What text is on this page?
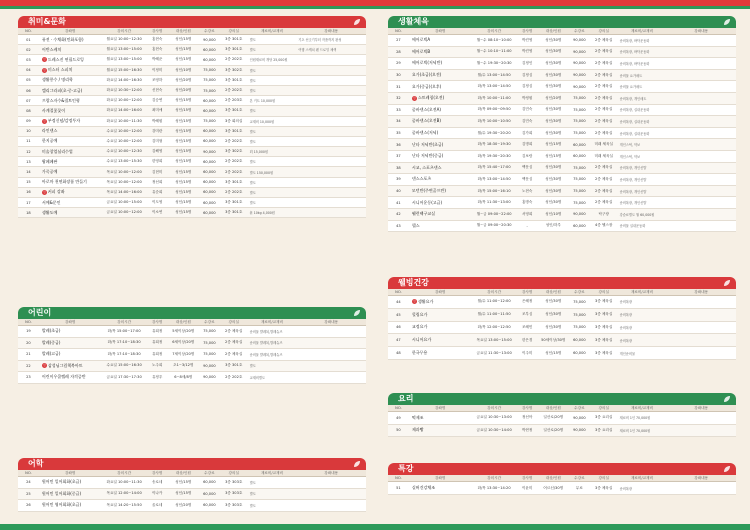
취미&문화
NO.	강좌명	강의시간	강사명	대상/인원	수강료	강의실	재료비/교재비	강좌내용
01	퓨전 · 수채화(민화포함)	월요일 10:00~12:30	홍현숙	성인/15명	90,000	3층 301호	별도	기초 선긋기부터 작품까지 완성
02	어반스케치	월요일 13:00~15:00	홍현숙	성인/15명	60,000	3층 301호	별도	여행 스케치 펜 드로잉 채색
03	신 드레스진 연필드로잉	월요일 13:00~15:00	박혜준	성인/15명	60,000	2층 202호	인원재료비 개당 25,000원	
04	신 미스터 스피치	월요일 15:00~16:30	이정미	성인/10명	75,000	3층 302호	별도	
05	생활풍수 / 명리학	화요일 14:00~16:30	조영하	성인/20명	75,000	3층 301호	별도	
06	캘리그라피(초·중·고급)	화요일 10:30~12:00	신현숙	성인/20명	75,000	2층 202호	별도	
07	프랑스자수&퀼트인형	화요일 10:00~12:00	김승연	성인/15명	60,000	2층 203호	본 키트 10,000원	
08	사계절꽃꽂이	화요일 14:00~16:00	최미애	성인/15명	60,000	3층 301호	별도	
09	신 부정신념/감정투자	화요일 10:00~11:30	박혜원	성인/15명	75,000	3층 회의실	교재비 10,000원	
10	라인댄스	수요일 10:00~12:00	강미란	성인/15명	60,000	3층 301호	별도	
11	한지공예	수요일 10:00~12:00	김미형	성인/15명	60,000	2층 202호	별도	
12	미술창업심리수업	수요일 10:00~12:30	김해영	성인/15명	90,000	3층 302호	회 15,000원	
13	왕페페판	수요일 13:00~15:30	한영희	성인/15명	60,000	2층 202호	별도	
14	가죽공예	목요일 10:00~12:00	김현미	성인/15명	60,000	2층 202호	별도 150,000원	
15	아로마 천연화장품 만들기	목요일 10:00~12:00	정선희	성인/15명	60,000	3층 301호	별도	
16	신 커피 강좌	목요일 14:00~16:00	유순희	성인/15명	60,000	2층 202호	별도	
17	서예&문인	금요일 10:00~15:00	이도영	성인/15명	60,000	3층 301호	별도	
18	생활도예	금요일 10:00~12:00	이소연	성인/15명	60,000	3층 301호	흙 10kg 4,000원	
어린이
NO.	강좌명	강의시간	강사명	대상/인원	수강료	강의실	재료비/교재비	강좌내용
19	발레(초급)	화/목 15:00~17:00	유희정	5세이상/20명	75,000	2층 체육실	준비물 발레복,발레슈즈	
20	발레(중급)	화/목 17:10~18:30	유희정	6세이상/20명	75,000	2층 체육실	준비물 발레복,발레슈즈	
21	발레(고급)	화/목 17:10~18:30	유희정	7세이상/20명	75,000	2층 체육실	준비물 발레복,발레슈즈	
22	신 삼성님그림책북아트	수요일 15:00~16:30	노주희	초1~3/12명	90,000	3층 301호	별도	
23	어린이우쿨렐레 자격증반	금요일 17:30~17:30	유정우	6~8세/8명	90,000	2층 202호	교재비별도	
어학
NO.	강좌명	강의시간	강사명	대상/인원	수강료	강의실	재료비/교재비	강좌내용
24	원어민 일어회화(초급)	화요일 10:00~11:30	송로네	성인/15명	60,000	3층 303호	별도	
25	원어민 일어회화(중급)	목요일 12:00~14:00	이나카	성인/15명	60,000	3층 303호	별도	
26	원어민 영어회화(초급)	목요일 14:20~15:50	올로네	성인/20명	60,000	3층 303호	별도	
생활체육
NO.	강좌명	강의시간	강사명	대상/인원	수강료	강의실	재료비/교재비	강좌내용
27	에어로빅A	월~수 08:10~10:00	박진영	성인/30명	90,000	2층 체육실	준비복장, 바닥운동화	
28	에어로빅B	월~수 10:10~11:00	박진영	성인/30명	90,000	2층 체육실	준비복장, 바닥운동화	
29	에어로빅(저녁반)	월~수 19:30~20:30	김정인	성인/30명	90,000	2층 체육실	준비복장, 바닥운동화	
30	요가(초급)(오전)	월/수 13:00~14:50	김정심	성인/30명	90,000	2층 체육실	준비물 요가매트	
31	요가(중급)(오후)	화/목 13:00~14:50	김정심	성인/30명	90,000	2층 체육실	준비물 요가매트	
32	신 스트레칭(오전)	화/목 10:00~11:00	박정원	성인/20명	75,000	2층 체육실	준비복장, 개인매트	
33	줌바댄스(오전A)	화/목 09:00~09:50	김민숙	성인/30명	75,000	2층 체육실	준비복장, 실내운동화	
34	줌바댄스(오전B)	화/목 10:00~10:50	김민숙	성인/30명	75,000	2층 체육실	준비복장, 실내운동화	
35	줌바댄스(저녁)	월/수 19:30~20:20	김가희	성인/30명	75,000	2층 체육실	준비복장, 실내운동화	
36	난타 저녁반(초급)	화/목 18:30~19:30	김명희	성인/15명	60,000	미래 체육실	개인스틱, 악보	
37	난타 저녁반(중급)	화/목 19:30~20:30	김보람	성인/15명	60,000	미래 체육실	개인스틱, 악보	
38	시교, 스포츠댄스	화/목 15:40~17:00	백문심	성인/30명	75,000	2층 체육실	준비복장, 개인신발	
39	댄스스포츠	화/목 13:00~14:50	백문심	성인/30명	75,000	2층 체육실	준비복장, 개인신발	
40	모던반(주변골프반)	화/목 15:00~16:10	노현숙	성인/30명	75,000	2층 체육실	준비복장, 개인신발	
41	시니어운동(고급)	화/목 11:30~13:00	홍명숙	성인/30명	75,000	2층 체육실	준비복장, 개인신발	
42	웰런팩구교실	월~금 09:00~22:00	서영희	성인/10명	90,000	탁구장	강습료별도 월 60,000원	
43	헬스	월~금 09:00~20:30	-	성인/하루	60,000	4층 헬스장	준비물 실내운동화	
웰빙건강
NO.	강좌명	강의시간	강사명	대상/인원	수강료	강의실	재료비/교재비	강좌내용
44	신 생활요가	월/수 11:00~12:00	은혜정	성인/30명	75,000	3층 체육실	준비복장	
45	힐링요가	월/수 11:00~11:50	조부심	성인/30명	75,000	3층 체육실	준비복장	
46	교정요가	화/목 12:00~12:50	조혜민	성인/30명	75,000	3층 체육실	준비복장	
47	시니어요가	목요일 13:00~15:00	한은경	50세이상/30명	60,000	3층 체육실	준비복장	
48	한국무용	금요일 11:30~13:00	이주미	성인/15명	60,000	3층 체육실	개인준비물	
요리
NO.	강좌명	강의시간	강사명	대상/인원	수강료	강의실	재료비/교재비	강좌내용
49	떡제조	금요일 10:30~13:00	정선아	일산로/20명	90,000	3층 요리실	재료비 1인 70,000원	
50	제과빵	금요일 10:30~14:00	박현정	일산로/20명	90,000	3층 요리실	재료비 1인 70,000원	
특강
NO.	강좌명	강의시간	강사명	대상/인원	수강료	강의실	재료비/교재비	강좌내용
51	실버건강체조	화/목 13:30~14:20	이윤미	어르신/30명	무료	3층 체육실	준비복장	
